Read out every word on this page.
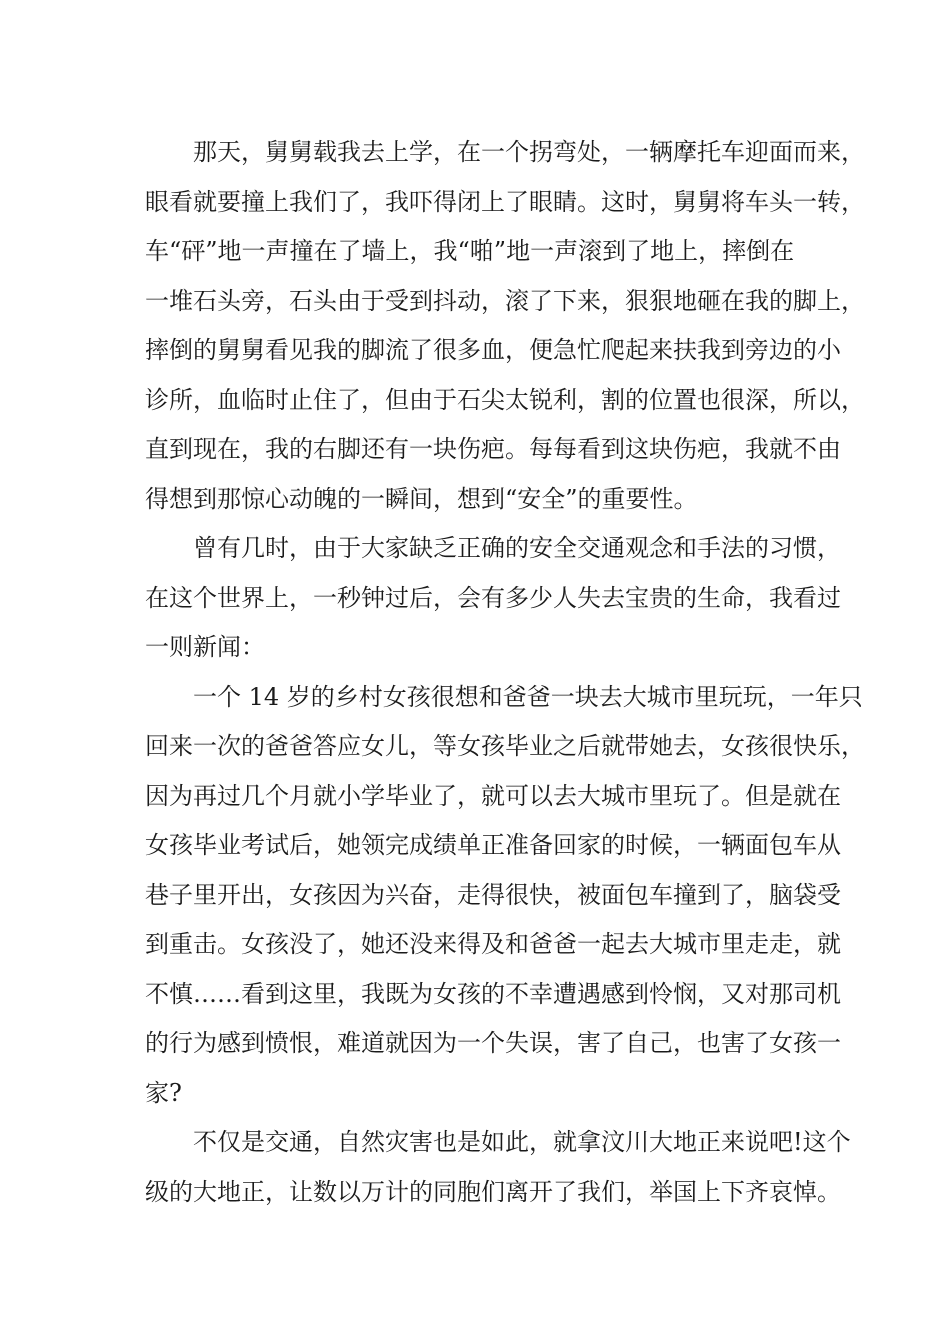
那天，舅舅载我去上学，在一个拐弯处，一辆摩托车迎面而来，
眼看就要撞上我们了，我吓得闭上了眼睛。这时，舅舅将车头一转，
车“砰”地一声撞在了墙上，我“啪”地一声滚到了地上，摔倒在
一堆石头旁，石头由于受到抖动，滚了下来，狠狠地砸在我的脚上，
摔倒的舅舅看见我的脚流了很多血，便急忙爬起来扶我到旁边的小
诊所，血临时止住了，但由于石尖太锐利，割的位置也很深，所以，
直到现在，我的右脚还有一块伤疤。每每看到这块伤疤，我就不由
得想到那惊心动魄的一瞬间，想到“安全”的重要性。
曾有几时，由于大家缺乏正确的安全交通观念和手法的习惯，
在这个世界上，一秒钟过后，会有多少人失去宝贵的生命，我看过
一则新闻：
一个 14 岁的乡村女孩很想和爸爸一块去大城市里玩玩，一年只
回来一次的爸爸答应女儿，等女孩毕业之后就带她去，女孩很快乐，
因为再过几个月就小学毕业了，就可以去大城市里玩了。但是就在
女孩毕业考试后，她领完成绩单正准备回家的时候，一辆面包车从
巷子里开出，女孩因为兴奋，走得很快，被面包车撞到了，脑袋受
到重击。女孩没了，她还没来得及和爸爸一起去大城市里走走，就
不慎……看到这里，我既为女孩的不幸遭遇感到怜悯，又对那司机
的行为感到愤恨，难道就因为一个失误，害了自己，也害了女孩一
家?
不仅是交通，自然灾害也是如此，就拿汶川大地正来说吧!这个
级的大地正，让数以万计的同胞们离开了我们，举国上下齐哀悼。
